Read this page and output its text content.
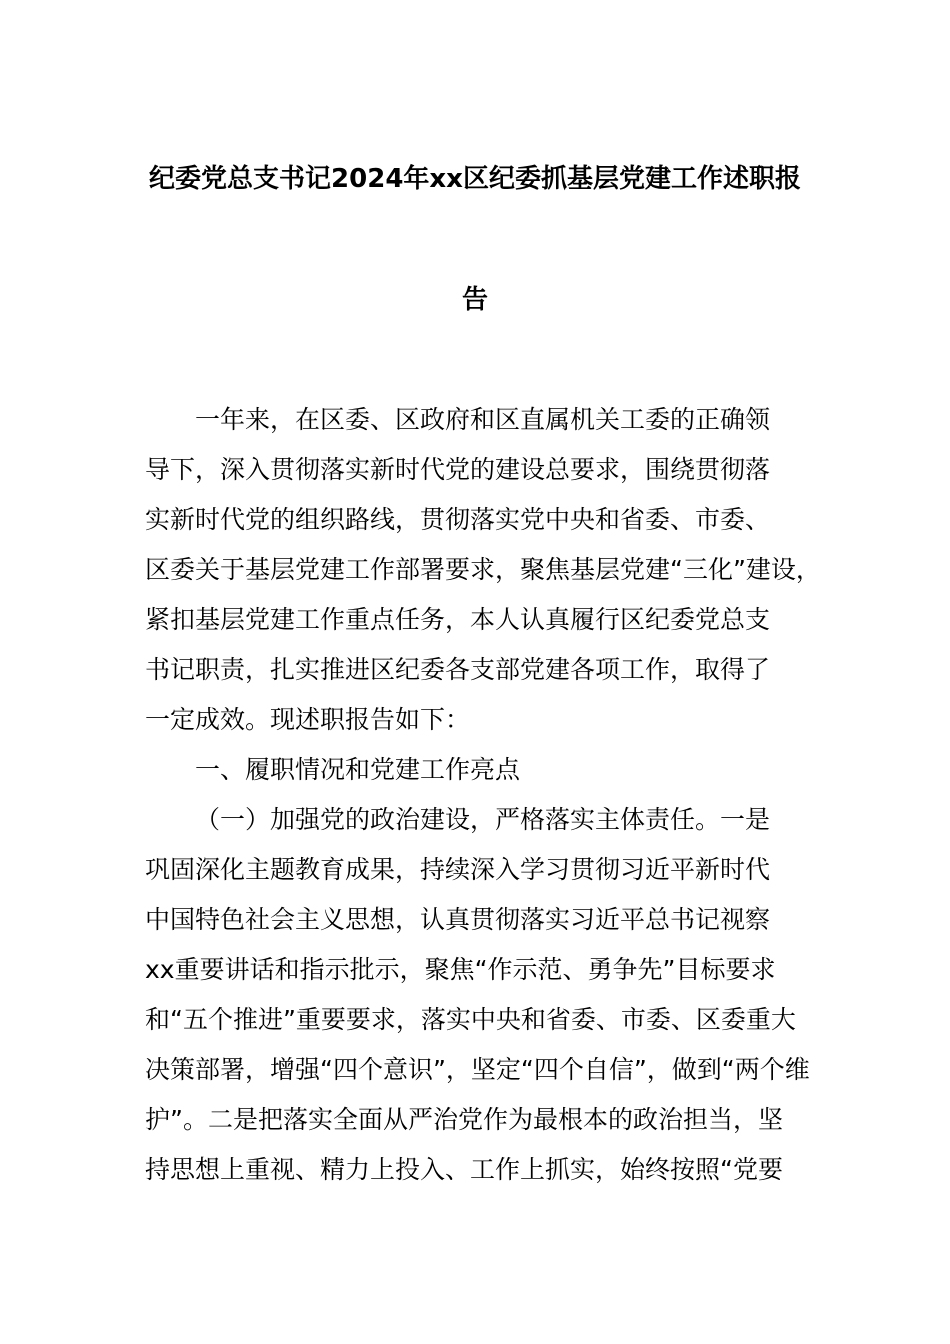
纪委党总支书记2024年xx区纪委抓基层党建工作述职报
告
一年来，在区委、区政府和区直属机关工委的正确领
导下，深入贯彻落实新时代党的建设总要求，围绕贯彻落
实新时代党的组织路线，贯彻落实党中央和省委、市委、
区委关于基层党建工作部署要求，聚焦基层党建“三化”建设，
紧扣基层党建工作重点任务，本人认真履行区纪委党总支
书记职责，扎实推进区纪委各支部党建各项工作，取得了
一定成效。现述职报告如下：
一、履职情况和党建工作亮点
（一）加强党的政治建设，严格落实主体责任。一是
巩固深化主题教育成果，持续深入学习贯彻习近平新时代
中国特色社会主义思想，认真贯彻落实习近平总书记视察
xx重要讲话和指示批示，聚焦“作示范、勇争先”目标要求
和“五个推进”重要要求，落实中央和省委、市委、区委重大
决策部署，增强“四个意识”，坚定“四个自信”，做到“两个维
护”。二是把落实全面从严治党作为最根本的政治担当，坚
持思想上重视、精力上投入、工作上抓实，始终按照“党要
